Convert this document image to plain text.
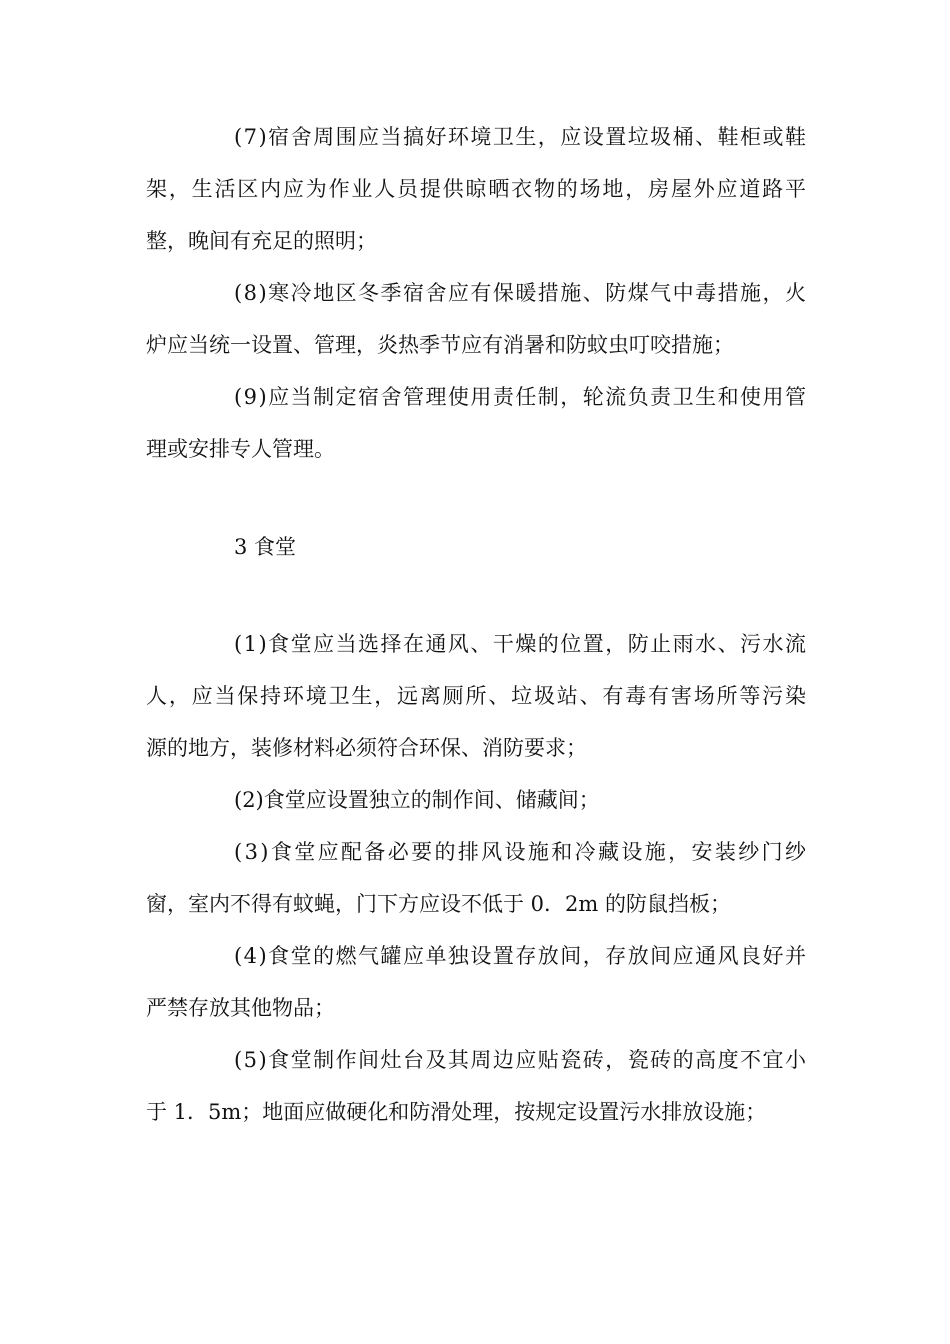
(7)宿舍周围应当搞好环境卫生，应设置垃圾桶、鞋柜或鞋
架，生活区内应为作业人员提供晾晒衣物的场地，房屋外应道路平
整，晚间有充足的照明；
(8)寒冷地区冬季宿舍应有保暖措施、防煤气中毒措施，火
炉应当统一设置、管理，炎热季节应有消暑和防蚊虫叮咬措施；
(9)应当制定宿舍管理使用责任制，轮流负责卫生和使用管
理或安排专人管理。
3 食堂
(1)食堂应当选择在通风、干燥的位置，防止雨水、污水流
人，应当保持环境卫生，远离厕所、垃圾站、有毒有害场所等污染
源的地方，装修材料必须符合环保、消防要求；
(2)食堂应设置独立的制作间、储藏间；
(3)食堂应配备必要的排风设施和冷藏设施，安装纱门纱
窗，室内不得有蚊蝇，门下方应设不低于 0．2m 的防鼠挡板；
(4)食堂的燃气罐应单独设置存放间，存放间应通风良好并
严禁存放其他物品；
(5)食堂制作间灶台及其周边应贴瓷砖，瓷砖的高度不宜小
于 1．5m；地面应做硬化和防滑处理，按规定设置污水排放设施；
